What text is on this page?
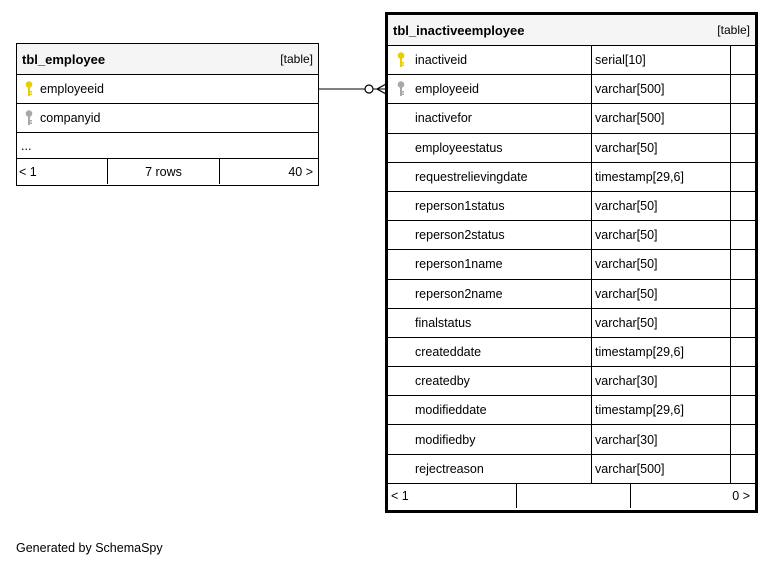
tbl_employee	[table]
employeeid
companyid
...
< 1	7 rows	40 >
tbl_inactiveemployee	[table]
inactiveid	serial[10]
employeeid	varchar[500]
inactivefor	varchar[500]
employeestatus	varchar[50]
requestrelievingdate	timestamp[29,6]
reperson1status	varchar[50]
reperson2status	varchar[50]
reperson1name	varchar[50]
reperson2name	varchar[50]
finalstatus	varchar[50]
createddate	timestamp[29,6]
createdby	varchar[30]
modifieddate	timestamp[29,6]
modifiedby	varchar[30]
rejectreason	varchar[500]
< 1	0 >
Generated by SchemaSpy
